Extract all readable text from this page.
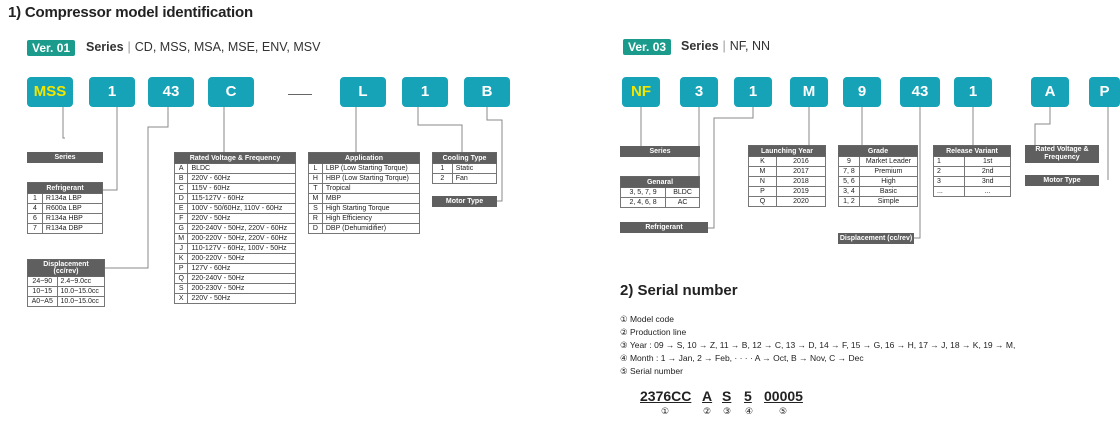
1) Compressor model identification
Ver. 01	Series | CD, MSS, MSA, MSE, ENV, MSV
MSS	1	43	C	L	1	B
Series
Refrigerant	
1	R134a LBP
4	R600a LBP
6	R134a HBP
7	R134a DBP
Displacement (cc/rev)	
24~90	2.4~9.0cc
10~15	10.0~15.0cc
A0~A5	10.0~15.0cc
Rated Voltage & Frequency	
A	BLDC
B	220V - 60Hz
C	115V - 60Hz
D	115-127V - 60Hz
E	100V - 50/60Hz, 110V - 60Hz
F	220V - 50Hz
G	220-240V - 50Hz, 220V - 60Hz
M	200-220V - 50Hz, 220V - 60Hz
J	110-127V - 60Hz, 100V - 50Hz
K	200-220V - 50Hz
P	127V - 60Hz
Q	220-240V - 50Hz
S	200-230V - 50Hz
X	220V - 50Hz
Application	
L	LBP (Low Starting Torque)
H	HBP (Low Starting Torque)
T	Tropical
M	MBP
S	High Starting Torque
R	High Efficiency
D	DBP (Dehumidifier)
Cooling Type	
1	Static
2	Fan
Motor Type
Ver. 03	Series | NF, NN
NF	3	1	M	9	43	1	A	P
Series
Genaral	
3, 5, 7, 9	BLDC
2, 4, 6, 8	AC
Refrigerant
Launching Year	
K	2016
M	2017
N	2018
P	2019
Q	2020
Grade	
9	Market Leader
7, 8	Premium
5, 6	High
3, 4	Basic
1, 2	Simple
Displacement (cc/rev)
Release Variant	
1	1st
2	2nd
3	3nd
...	...
Rated Voltage & Frequency
Motor Type
2) Serial number
① Model code
② Production line
③ Year : 09 → S, 10 → Z, 11 → B, 12 → C, 13 → D, 14 → F, 15 → G, 16 → H, 17 → J, 18 → K, 19 → M,
④ Month : 1 → Jan, 2 → Feb, · · · · A → Oct, B → Nov, C → Dec
⑤ Serial number
2376CC A S 5 00005
①	② ③ ④	⑤
